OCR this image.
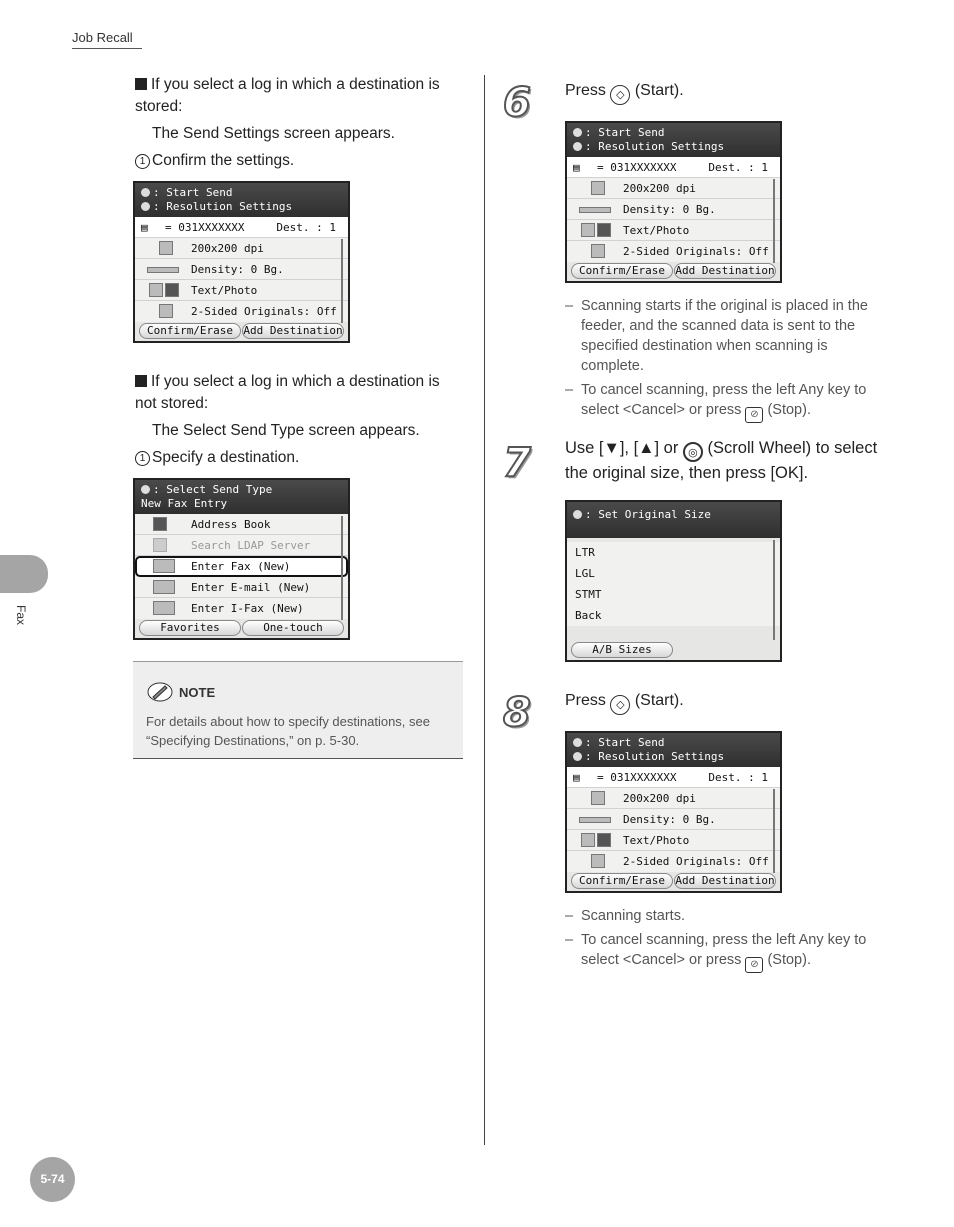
Job Recall
Fax
5-74
If you select a log in which a destination is stored:
The Send Settings screen appears.
1 Confirm the settings.
: Start Send
: Resolution Settings
▤ = 031XXXXXXX	Dest. : 1
200x200 dpi
Density: 0 Bg.
Text/Photo
2-Sided Originals: Off
Confirm/Erase Add Destination
If you select a log in which a destination is not stored:
The Select Send Type screen appears.
1 Specify a destination.
: Select Send Type
New Fax Entry
Address Book
Search LDAP Server
Enter Fax (New)
Enter E-mail (New)
Enter I-Fax (New)
Favorites	One-touch
NOTE
For details about how to specify destinations, see “Specifying Destinations,” on p. 5-30.
6 Press ◇ (Start).
: Start Send
: Resolution Settings
▤ = 031XXXXXXX	Dest. : 1
200x200 dpi
Density: 0 Bg.
Text/Photo
2-Sided Originals: Off
Confirm/Erase Add Destination
– Scanning starts if the original is placed in the feeder, and the scanned data is sent to the specified destination when scanning is complete.
– To cancel scanning, press the left Any key to select <Cancel> or press ⊘ (Stop).
7 Use [▼], [▲] or ◎ (Scroll Wheel) to select the original size, then press [OK].
: Set Original Size
LTR
LGL
STMT
Back
A/B Sizes
8 Press ◇ (Start).
: Start Send
: Resolution Settings
▤ = 031XXXXXXX	Dest. : 1
200x200 dpi
Density: 0 Bg.
Text/Photo
2-Sided Originals: Off
Confirm/Erase Add Destination
– Scanning starts.
– To cancel scanning, press the left Any key to select <Cancel> or press ⊘ (Stop).
